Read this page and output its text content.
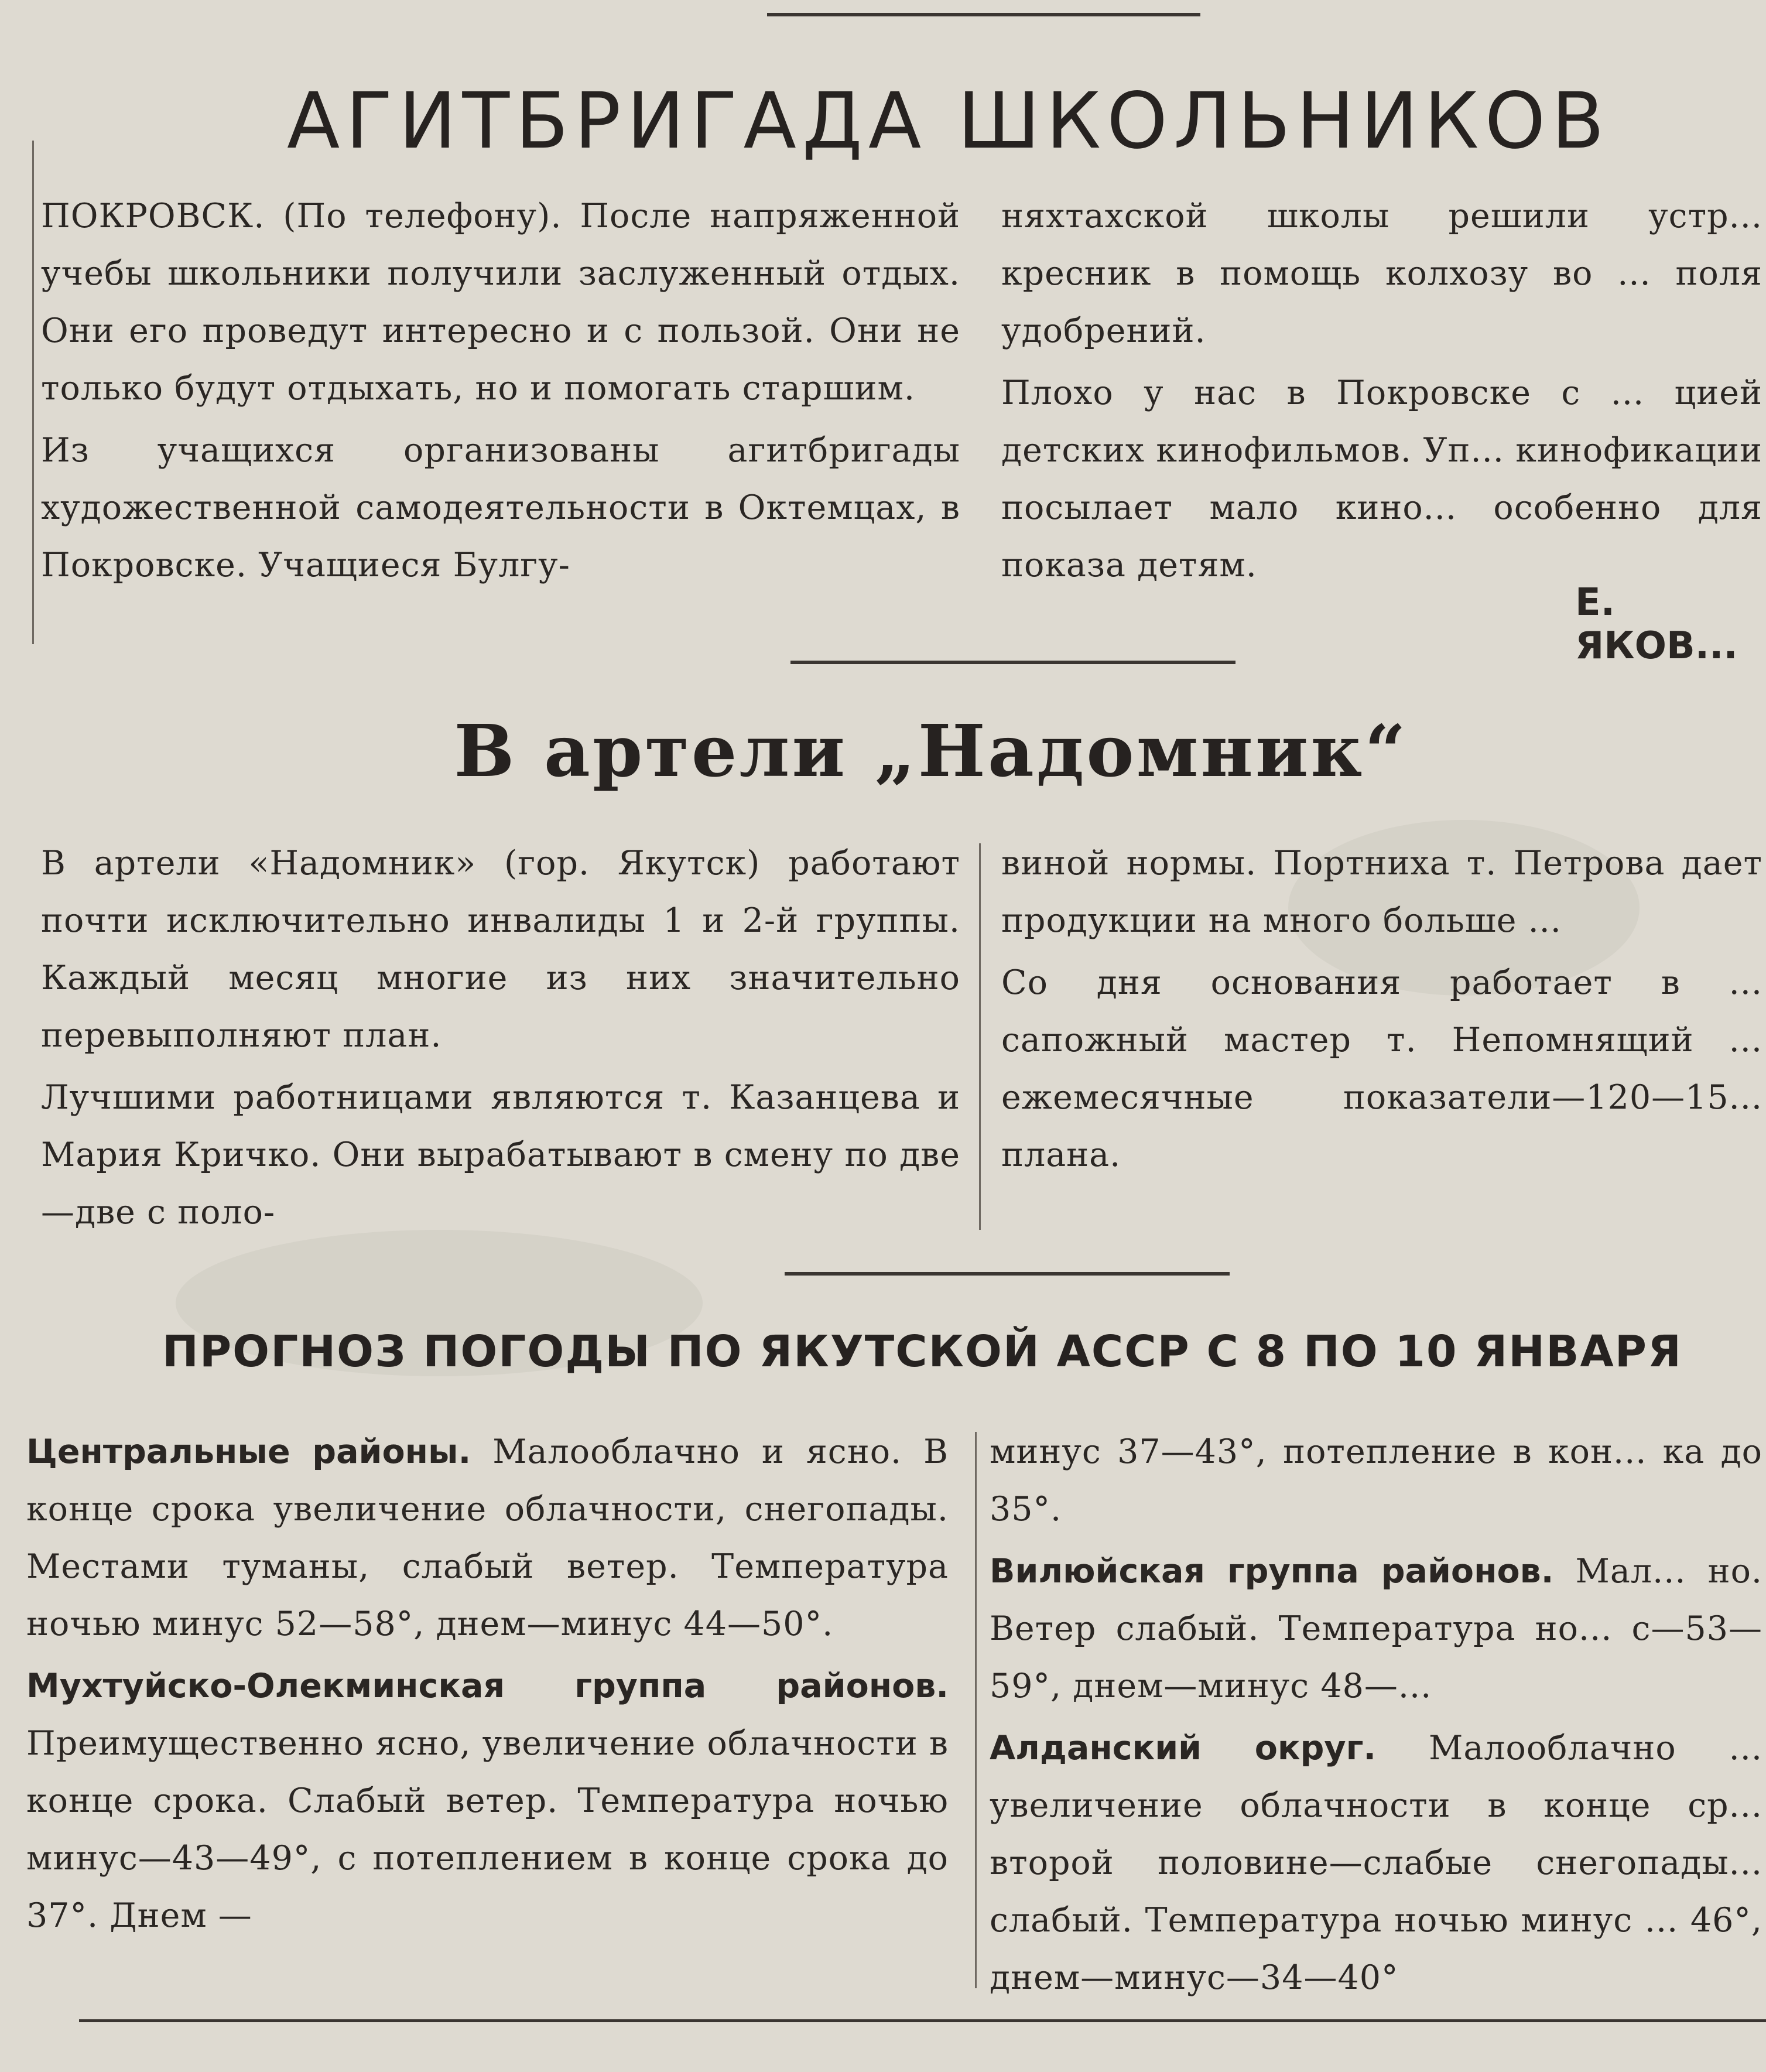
АГИТБРИГАДА ШКОЛЬНИКОВ

ПОКРОВСК. (По телефону). После напряженной учебы школьники получили заслуженный отдых. Они его проведут интересно и с пользой. Они не только будут отдыхать, но и помогать старшим.

Из учащихся организованы агитбригады художественной самодеятельности в Октемцах, в Покровске. Учащиеся Булгу-

няхтахской школы решили устр... кресник в помощь колхозу во ... поля удобрений.

Плохо у нас в Покровске с ... цией детских кинофильмов. Уп... кинофикации посылает мало кино... особенно для показа детям.

Е. ЯКОВ...
В артели „Надомник“

В артели «Надомник» (гор. Якутск) работают почти исключительно инвалиды 1 и 2-й группы. Каждый месяц многие из них значительно перевыполняют план.

Лучшими работницами являются т. Казанцева и Мария Кричко. Они вырабатывают в смену по две—две с поло-

виной нормы. Портниха т. Петрова дает продукции на много больше ...

Со дня основания работает в ... сапожный мастер т. Непомнящий ... ежемесячные показатели—120—15... плана.

ПРОГНОЗ ПОГОДЫ ПО ЯКУТСКОЙ АССР С 8 ПО 10 ЯНВАРЯ

Центральные районы. Малооблачно и ясно. В конце срока увеличение облачности, снегопады. Местами туманы, слабый ветер. Температура ночью минус 52—58°, днем—минус 44—50°.

Мухтуйско-Олекминская группа районов. Преимущественно ясно, увеличение облачности в конце срока. Слабый ветер. Температура ночью минус—43—49°, с потеплением в конце срока до 37°. Днем —

минус 37—43°, потепление в кон... ка до 35°.

Вилюйская группа районов. Мал... но. Ветер слабый. Температура но... с—53—59°, днем—минус 48—...

Алданский округ. Малооблачно ... увеличение облачности в конце ср... второй половине—слабые снегопады... слабый. Температура ночью минус ... 46°, днем—минус—34—40°
